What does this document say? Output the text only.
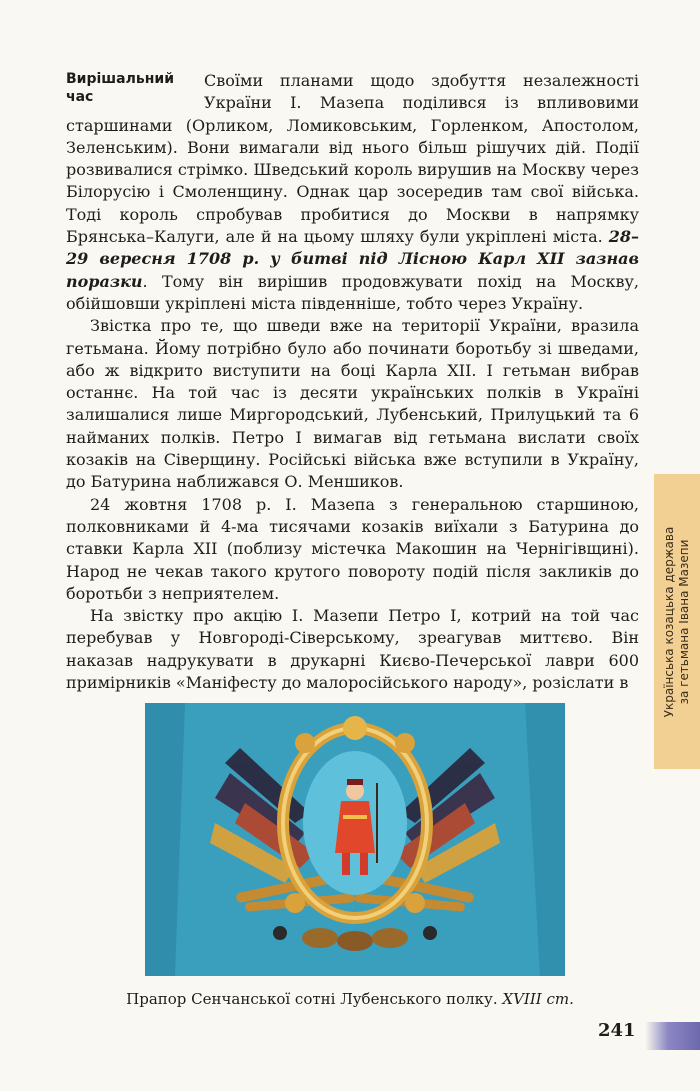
Вирішальний час

Своїми планами щодо здобуття незалежності України І. Мазепа поділився із впливовими старшинами (Орликом, Ломиковським, Горленком, Апостолом, Зеленським). Вони вимагали від нього більш рішучих дій. Події розвивалися стрімко. Шведський король вирушив на Москву через Білорусію і Смоленщину. Однак цар зосередив там свої війська. Тоді король спробував пробитися до Москви в напрямку Брянська–Калуги, але й на цьому шляху були укріплені міста. 28–29 вересня 1708 р. у битві під Лісною Карл XII зазнав поразки. Тому він вирішив продовжувати похід на Москву, обійшовши укріплені міста південніше, тобто через Україну.

Звістка про те, що шведи вже на території України, вразила гетьмана. Йому потрібно було або починати боротьбу зі шведами, або ж відкрито виступити на боці Карла XII. І гетьман вибрав останнє. На той час із десяти українських полків в Україні залишалися лише Миргородський, Лубенський, Прилуцький та 6 найманих полків. Петро І вимагав від гетьмана вислати своїх козаків на Сіверщину. Російські війська вже вступили в Україну, до Батурина наближався О. Меншиков.

24 жовтня 1708 р. І. Мазепа з генеральною старшиною, полковниками й 4-ма тисячами козаків виїхали з Батурина до ставки Карла XII (поблизу містечка Макошин на Чернігівщині). Народ не чекав такого крутого повороту подій після закликів до боротьби з неприятелем.

На звістку про акцію І. Мазепи Петро І, котрий на той час перебував у Новгороді-Сіверському, зреагував миттєво. Він наказав надрукувати в друкарні Києво-Печерської лаври 600 примірників «Маніфесту до малоросійського народу», розіслати в	Українська козацька держава за гетьмана Івана Мазепи
Прапор Сенчанської сотні Лубенського полку. XVIII ст.
241
